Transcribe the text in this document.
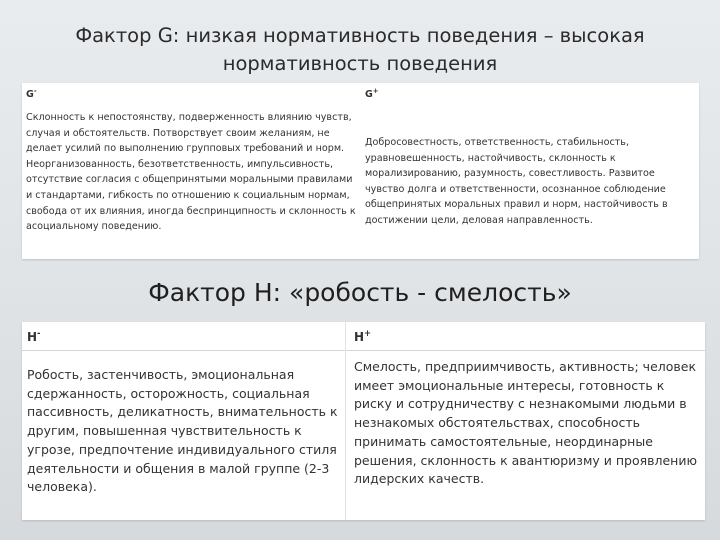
Фактор G: низкая нормативность поведения – высокая
нормативность поведения
G-	G+
Склонность к непостоянству, подверженность влиянию чувств, случая и обстоятельств. Потворствует своим желаниям, не делает усилий по выполнению групповых требований и норм. Неорганизованность, безответственность, импульсивность, отсутствие согласия с общепринятыми моральными правилами и стандартами, гибкость по отношению к социальным нормам, свобода от их влияния, иногда беспринципность и склонность к асоциальному поведению.
Добросовестность, ответственность, стабильность, уравновешенность, настойчивость, склонность к морализированию, разумность, совестливость. Развитое чувство долга и ответственности, осознанное соблюдение общепринятых моральных правил и норм, настойчивость в достижении цели, деловая направленность.
Фактор H: «робость - смелость»
H-	H+
Робость, застенчивость, эмоциональная сдержанность, осторожность, социальная пассивность, деликатность, внимательность к другим, повышенная чувствительность к угрозе, предпочтение индивидуального стиля деятельности и общения в малой группе (2-3 человека).
Смелость, предприимчивость, активность; человек имеет эмоциональные интересы, готовность к риску и сотрудничеству с незнакомыми людьми в незнакомых обстоятельствах, способность принимать самостоятельные, неординарные решения, склонность к авантюризму и проявлению лидерских качеств.
